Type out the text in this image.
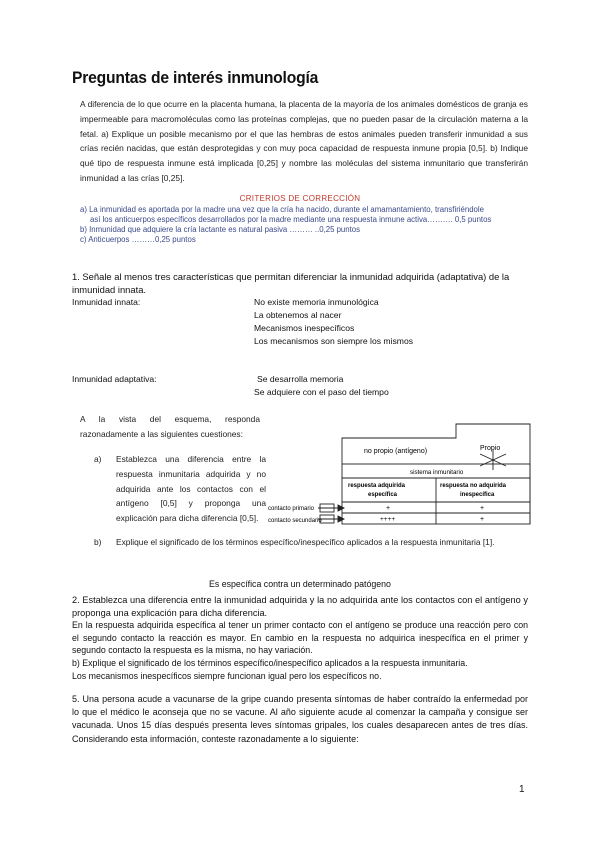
Preguntas de interés inmunología
A diferencia de lo que ocurre en la placenta humana, la placenta de la mayoría de los animales domésticos de granja es impermeable para macromoléculas como las proteínas complejas, que no pueden pasar de la circulación materna a la fetal. a) Explique un posible mecanismo por el que las hembras de estos animales pueden transferir inmunidad a sus crías recién nacidas, que están desprotegidas y con muy poca capacidad de respuesta inmune propia [0,5]. b) Indique qué tipo de respuesta inmune está implicada [0,25] y nombre las moléculas del sistema inmunitario que transferirán inmunidad a las crías [0,25].
CRITERIOS DE CORRECCIÓN
a) La inmunidad es aportada por la madre una vez que la cría ha nacido, durante el amamantamiento, transfiriéndole
así los anticuerpos específicos desarrollados por la madre mediante una respuesta inmune activa………. 0,5 puntos
b) Inmunidad que adquiere la cría lactante es natural pasiva ……… ..0,25 puntos
c) Anticuerpos ………0,25 puntos
1. Señale al menos tres características que permitan diferenciar la inmunidad adquirida (adaptativa) de la inmunidad innata.
Inmunidad innata:	No existe memoria inmunológica
La obtenemos al nacer
Mecanismos inespecíficos
Los mecanismos son siempre los mismos
Inmunidad adaptativa:	Se desarrolla memoria
Se adquiere con el paso del tiempo
A la vista del esquema, responda razonadamente a las siguientes cuestiones:
a) Establezca una diferencia entre la respuesta inmunitaria adquirida y no adquirida ante los contactos con el antígeno [0,5] y proponga una explicación para dicha diferencia [0,5].
b) Explique el significado de los términos específico/inespecífico aplicados a la respuesta inmunitaria [1].
no propio (antígeno)	Propio
sistema inmunitario
respuesta adquirida
específica
respuesta no adquirida
inespecífica
contacto primario
contacto secundario
+	+
++++	+
Es específica contra un determinado patógeno
2. Establezca una diferencia entre la inmunidad adquirida y la no adquirida ante los contactos con el antígeno y proponga una explicación para dicha diferencia.
En la respuesta adquirida específica al tener un primer contacto con el antígeno se produce una reacción pero con el segundo contacto la reacción es mayor. En cambio en la respuesta no adquirica inespecífica en el primer y segundo contacto la respuesta es la misma, no hay variación.
b) Explique el significado de los términos específico/inespecífico aplicados a la respuesta inmunitaria.
Los mecanismos inespecíficos siempre funcionan igual pero los específicos no.
5. Una persona acude a vacunarse de la gripe cuando presenta síntomas de haber contraído la enfermedad por lo que el médico le aconseja que no se vacune. Al año siguiente acude al comenzar la campaña y consigue ser vacunada. Unos 15 días después presenta leves síntomas gripales, los cuales desaparecen antes de tres días. Considerando esta información, conteste razonadamente a lo siguiente:
1
